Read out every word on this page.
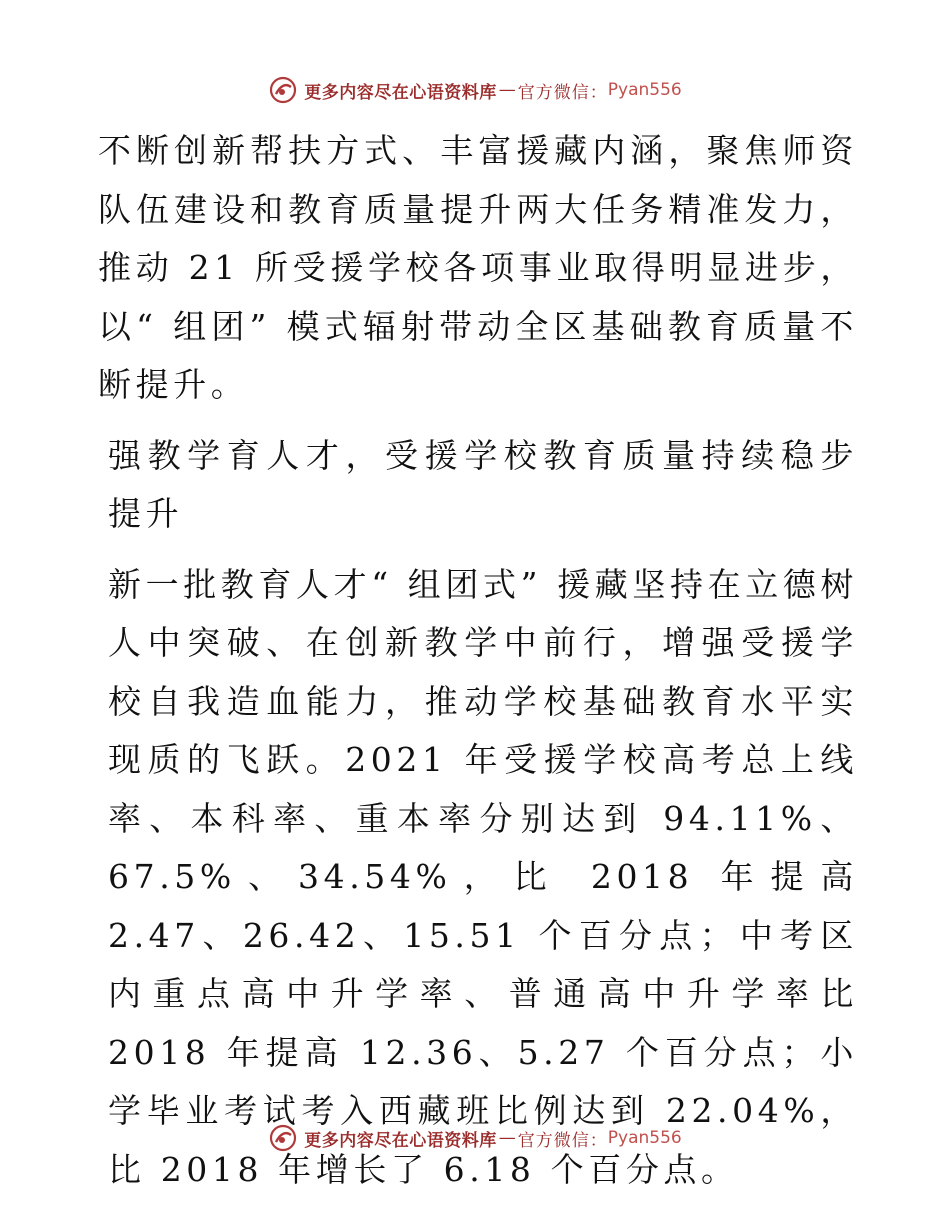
更多内容尽在心语资料库 — 官方微信： Pyan556

不断创新帮扶方式、丰富援藏内涵，聚焦师资队伍建设和教育质量提升两大任务精准发力，推动 21 所受援学校各项事业取得明显进步，以“ 组团” 模式辐射带动全区基础教育质量不断提升。

强教学育人才，受援学校教育质量持续稳步提升

新一批教育人才“ 组团式” 援藏坚持在立德树人中突破、在创新教学中前行，增强受援学校自我造血能力，推动学校基础教育水平实现质的飞跃。2021 年受援学校高考总上线率、本科率、重本率分别达到 94.11%、67.5%、34.54%，比 2018 年提高 2.47、26.42、15.51 个百分点；中考区内重点高中升学率、普通高中升学率比 2018 年提高 12.36、5.27 个百分点；小学毕业考试考入西藏班比例达到 22.04%，比 2018 年增长了 6.18 个百分点。

更多内容尽在心语资料库 — 官方微信： Pyan556
